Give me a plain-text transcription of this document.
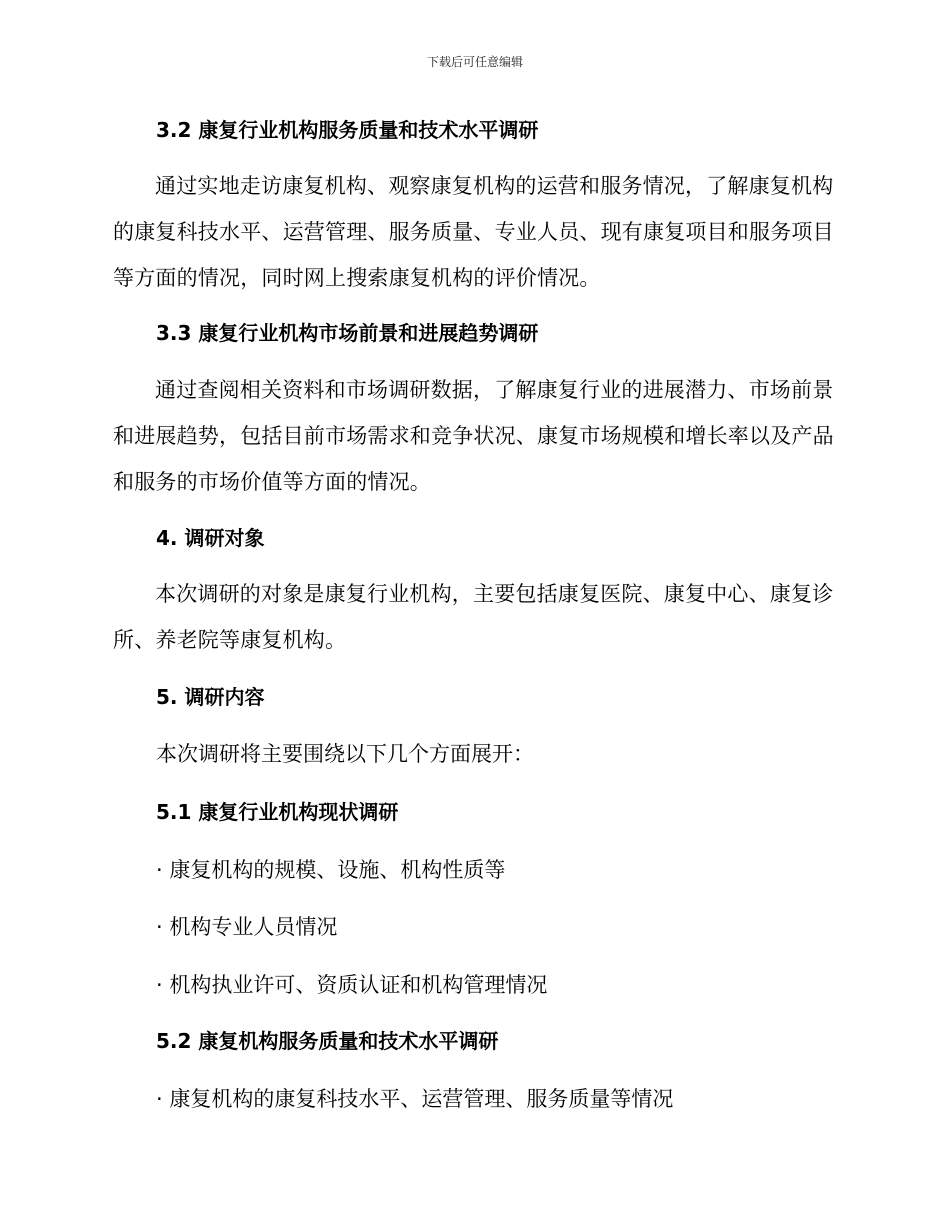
下载后可任意编辑
3.2 康复行业机构服务质量和技术水平调研
通过实地走访康复机构、观察康复机构的运营和服务情况，了解康复机构的康复科技水平、运营管理、服务质量、专业人员、现有康复项目和服务项目等方面的情况，同时网上搜索康复机构的评价情况。
3.3 康复行业机构市场前景和进展趋势调研
通过查阅相关资料和市场调研数据，了解康复行业的进展潜力、市场前景和进展趋势，包括目前市场需求和竞争状况、康复市场规模和增长率以及产品和服务的市场价值等方面的情况。
4. 调研对象
本次调研的对象是康复行业机构，主要包括康复医院、康复中心、康复诊所、养老院等康复机构。
5. 调研内容
本次调研将主要围绕以下几个方面展开：
5.1 康复行业机构现状调研
· 康复机构的规模、设施、机构性质等
· 机构专业人员情况
· 机构执业许可、资质认证和机构管理情况
5.2 康复机构服务质量和技术水平调研
· 康复机构的康复科技水平、运营管理、服务质量等情况
